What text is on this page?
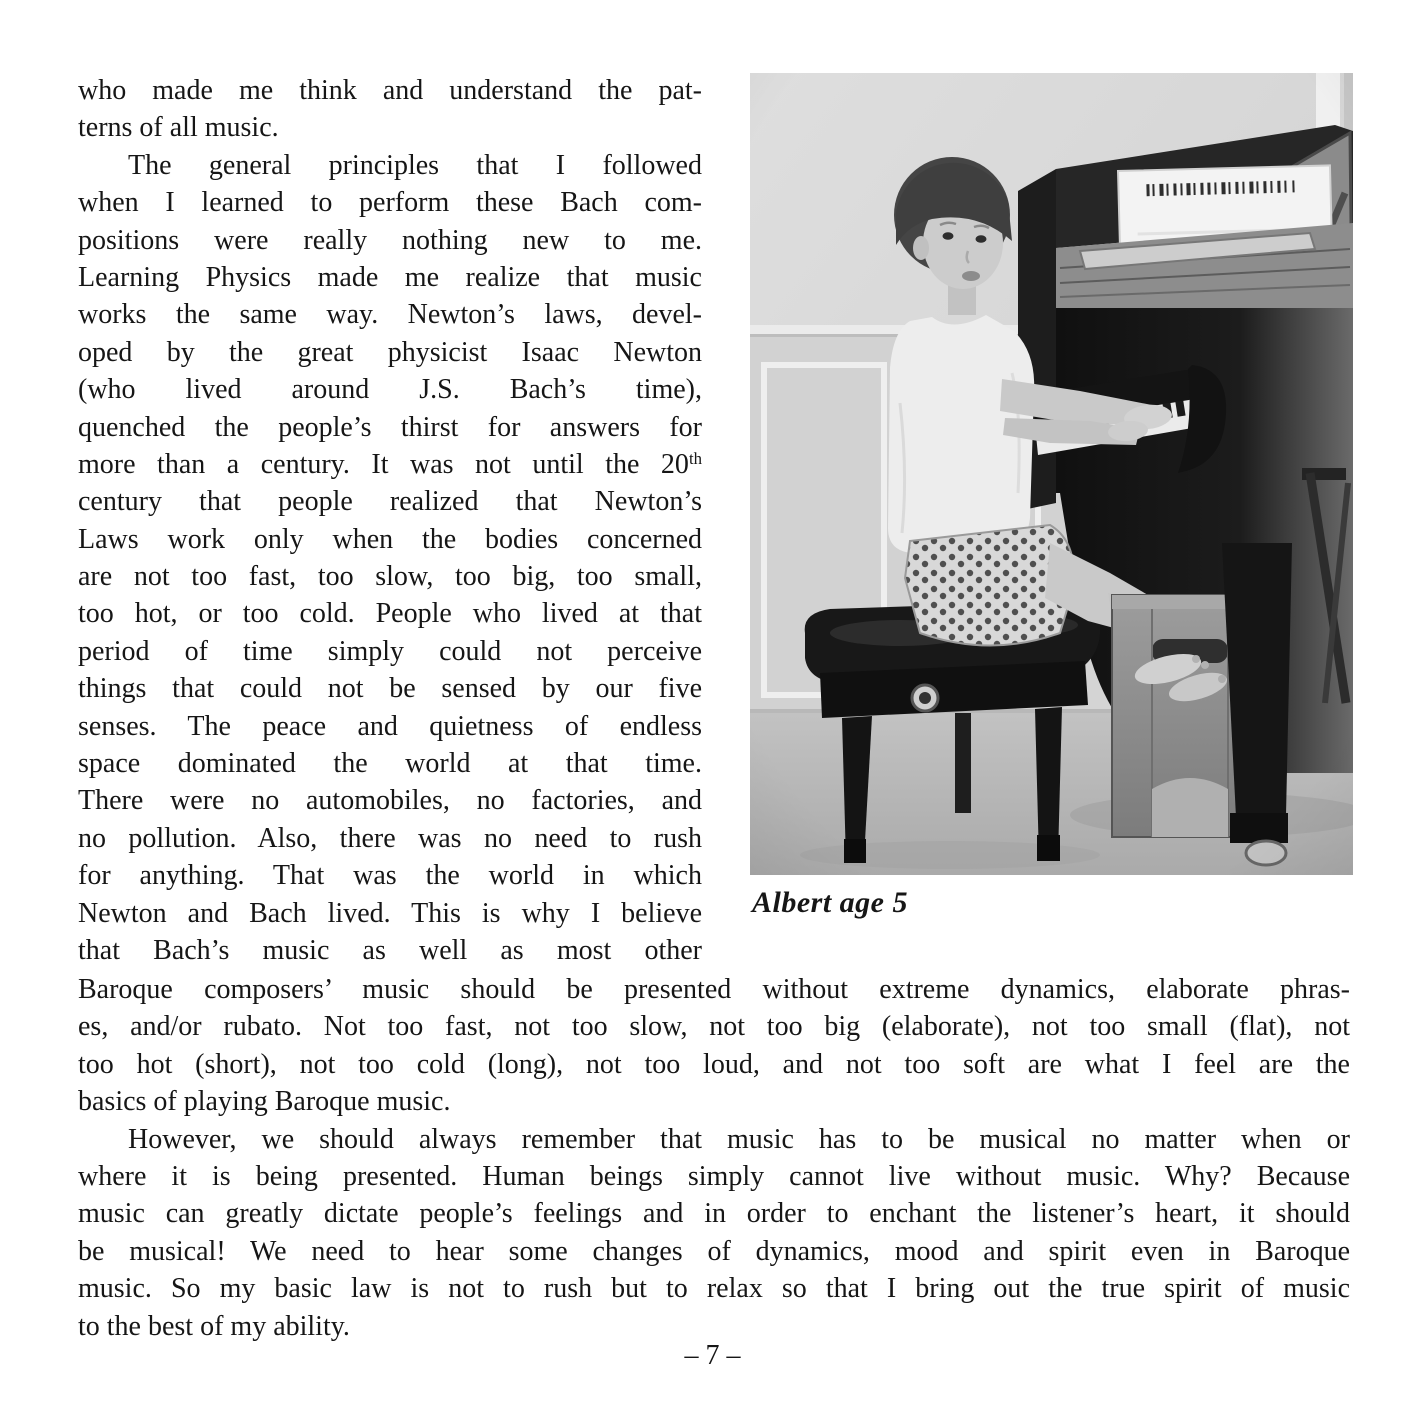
who made me think and understand the pat-
terns of all music.
The general principles that I followed
when I learned to perform these Bach com-
positions were really nothing new to me.
Learning Physics made me realize that music
works the same way. Newton’s laws, devel-
oped by the great physicist Isaac Newton
(who lived around J.S. Bach’s time),
quenched the people’s thirst for answers for
more than a century. It was not until the 20th
century that people realized that Newton’s
Laws work only when the bodies concerned
are not too fast, too slow, too big, too small,
too hot, or too cold. People who lived at that
period of time simply could not perceive
things that could not be sensed by our five
senses. The peace and quietness of endless
space dominated the world at that time.
There were no automobiles, no factories, and
no pollution. Also, there was no need to rush
for anything. That was the world in which
Newton and Bach lived. This is why I believe
that Bach’s music as well as most other
Albert age 5
Baroque composers’ music should be presented without extreme dynamics, elaborate phras-
es, and/or rubato. Not too fast, not too slow, not too big (elaborate), not too small (flat), not
too hot (short), not too cold (long), not too loud, and not too soft are what I feel are the
basics of playing Baroque music.
However, we should always remember that music has to be musical no matter when or
where it is being presented. Human beings simply cannot live without music. Why? Because
music can greatly dictate people’s feelings and in order to enchant the listener’s heart, it should
be musical! We need to hear some changes of dynamics, mood and spirit even in Baroque
music. So my basic law is not to rush but to relax so that I bring out the true spirit of music
to the best of my ability.
– 7 –
